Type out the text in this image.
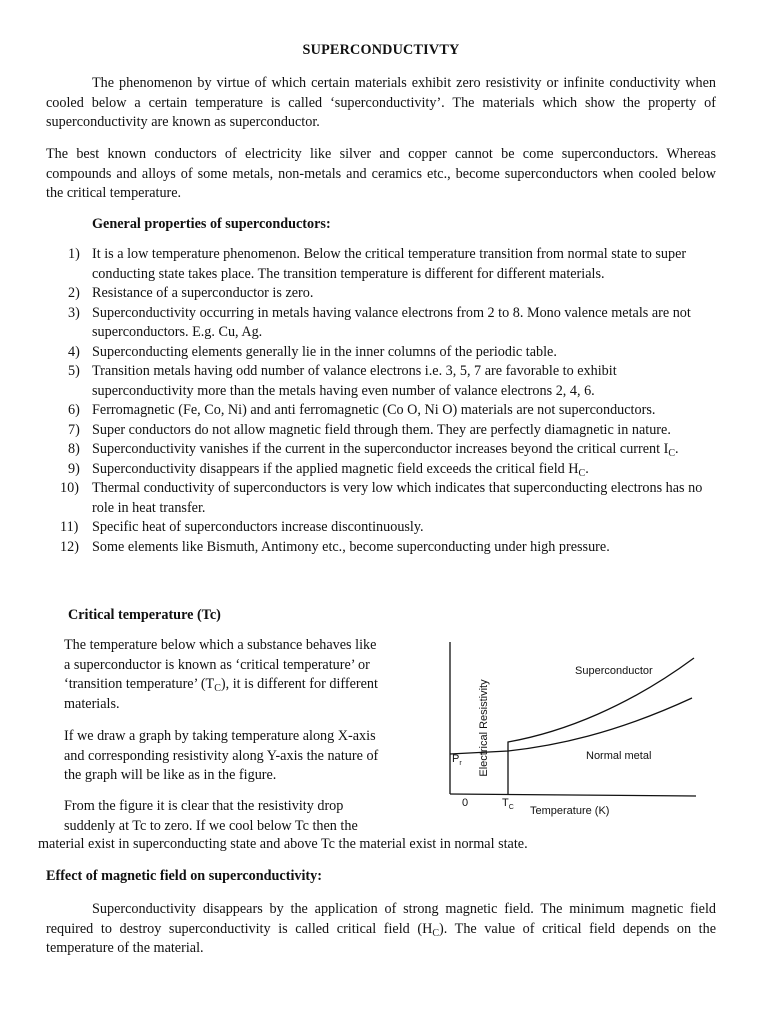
SUPERCONDUCTIVTY

The phenomenon by virtue of which certain materials exhibit zero resistivity or infinite conductivity when cooled below a certain temperature is called ‘superconductivity’. The materials which show the property of superconductivity are known as superconductor.

The best known conductors of electricity like silver and copper cannot be come superconductors. Whereas compounds and alloys of some metals, non-metals and ceramics etc., become superconductors when cooled below the critical temperature.

General properties of superconductors:

1) It is a low temperature phenomenon. Below the critical temperature transition from normal state to super conducting state takes place. The transition temperature is different for different materials.
2) Resistance of a superconductor is zero.
3) Superconductivity occurring in metals having valance electrons from 2 to 8. Mono valence metals are not superconductors. E.g. Cu, Ag.
4) Superconducting elements generally lie in the inner columns of the periodic table.
5) Transition metals having odd number of valance electrons i.e. 3, 5, 7 are favorable to exhibit superconductivity more than the metals having even number of valance electrons 2, 4, 6.
6) Ferromagnetic (Fe, Co, Ni) and anti ferromagnetic (Co O, Ni O) materials are not superconductors.
7) Super conductors do not allow magnetic field through them. They are perfectly diamagnetic in nature.
8) Superconductivity vanishes if the current in the superconductor increases beyond the critical current $I_C$.
9) Superconductivity disappears if the applied magnetic field exceeds the critical field $H_C$.
10) Thermal conductivity of superconductors is very low which indicates that superconducting electrons has no role in heat transfer.
11) Specific heat of superconductors increase discontinuously.
12) Some elements like Bismuth, Antimony etc., become superconducting under high pressure.

Critical temperature (Tc)

The temperature below which a substance behaves like a superconductor is known as ‘critical temperature’ or ‘transition temperature’ $(T_C)$, it is different for different materials.

If we draw a graph by taking temperature along X-axis and corresponding resistivity along Y-axis the nature of the graph will be like as in the figure.

From the figure it is clear that the resistivity drop suddenly at Tc to zero. If we cool below Tc then the

material exist in superconducting state and above Tc the material exist in normal state.

Effect of magnetic field on superconductivity:

Superconductivity disappears by the application of strong magnetic field. The minimum magnetic field required to destroy superconductivity is called critical field $(H_C)$. The value of critical field depends on the temperature of the material.

Electrical Resistivity
$P_r$
0	$T_C$ Temperature (K)
Superconductor
Normal metal
